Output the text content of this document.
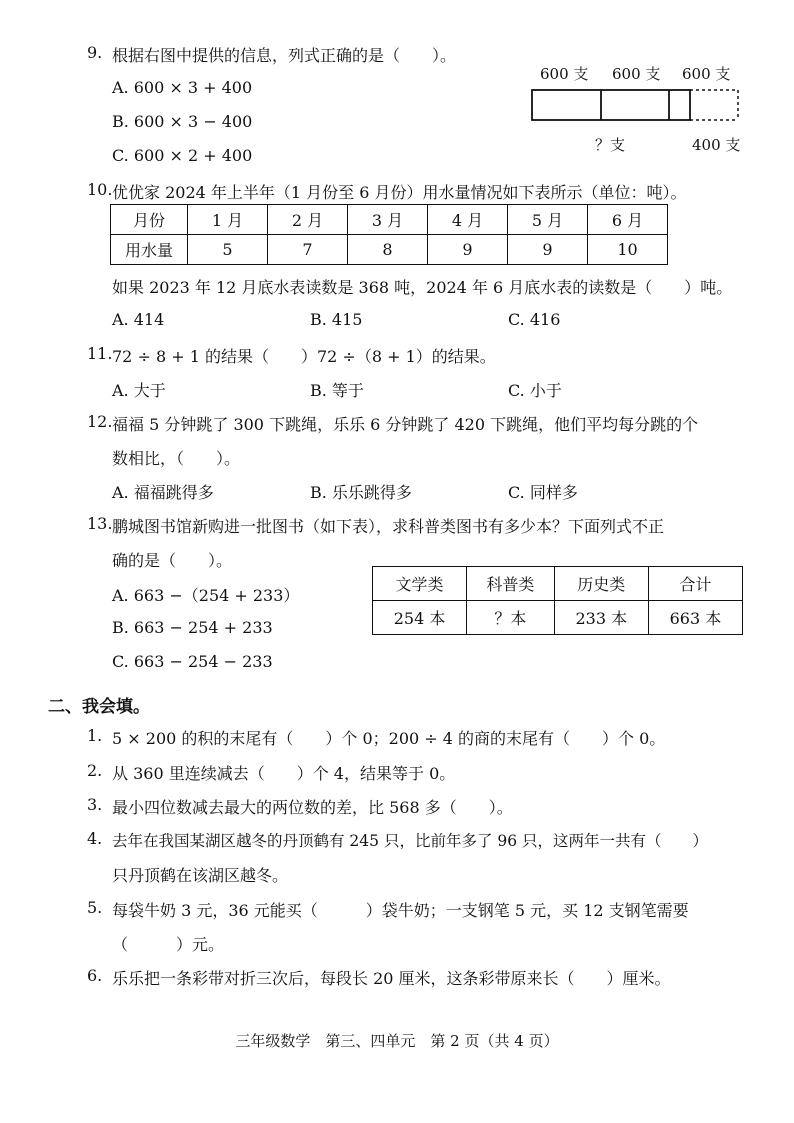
9. 根据右图中提供的信息，列式正确的是（　　）。
A. 600 × 3 + 400
B. 600 × 3 − 400
C. 600 × 2 + 400
600 支 600 支 600 支
？支	400 支
10. 优优家 2024 年上半年（1 月份至 6 月份）用水量情况如下表所示（单位：吨）。
月份	1 月	2 月	3 月	4 月	5 月	6 月
用水量	5	7	8	9	9	10
如果 2023 年 12 月底水表读数是 368 吨，2024 年 6 月底水表的读数是（　　）吨。
A. 414	B. 415	C. 416
11. 72 ÷ 8 + 1 的结果（　　）72 ÷（8 + 1）的结果。
A. 大于	B. 等于	C. 小于
12. 福福 5 分钟跳了 300 下跳绳，乐乐 6 分钟跳了 420 下跳绳，他们平均每分跳的个
数相比，（　　）。
A. 福福跳得多	B. 乐乐跳得多	C. 同样多
13. 鹏城图书馆新购进一批图书（如下表），求科普类图书有多少本？下面列式不正
确的是（　　）。
A. 663 −（254 + 233）
B. 663 − 254 + 233
C. 663 − 254 − 233
文学类	科普类	历史类	合计
254 本	？本	233 本	663 本
二、我会填。
1. 5 × 200 的积的末尾有（　　）个 0；200 ÷ 4 的商的末尾有（　　）个 0。
2. 从 360 里连续减去（　　）个 4，结果等于 0。
3. 最小四位数减去最大的两位数的差，比 568 多（　　）。
4. 去年在我国某湖区越冬的丹顶鹤有 245 只，比前年多了 96 只，这两年一共有（　　）
只丹顶鹤在该湖区越冬。
5. 每袋牛奶 3 元，36 元能买（　　　）袋牛奶；一支钢笔 5 元，买 12 支钢笔需要
（　　　）元。
6. 乐乐把一条彩带对折三次后，每段长 20 厘米，这条彩带原来长（　　）厘米。
三年级数学　第三、四单元　第 2 页（共 4 页）
